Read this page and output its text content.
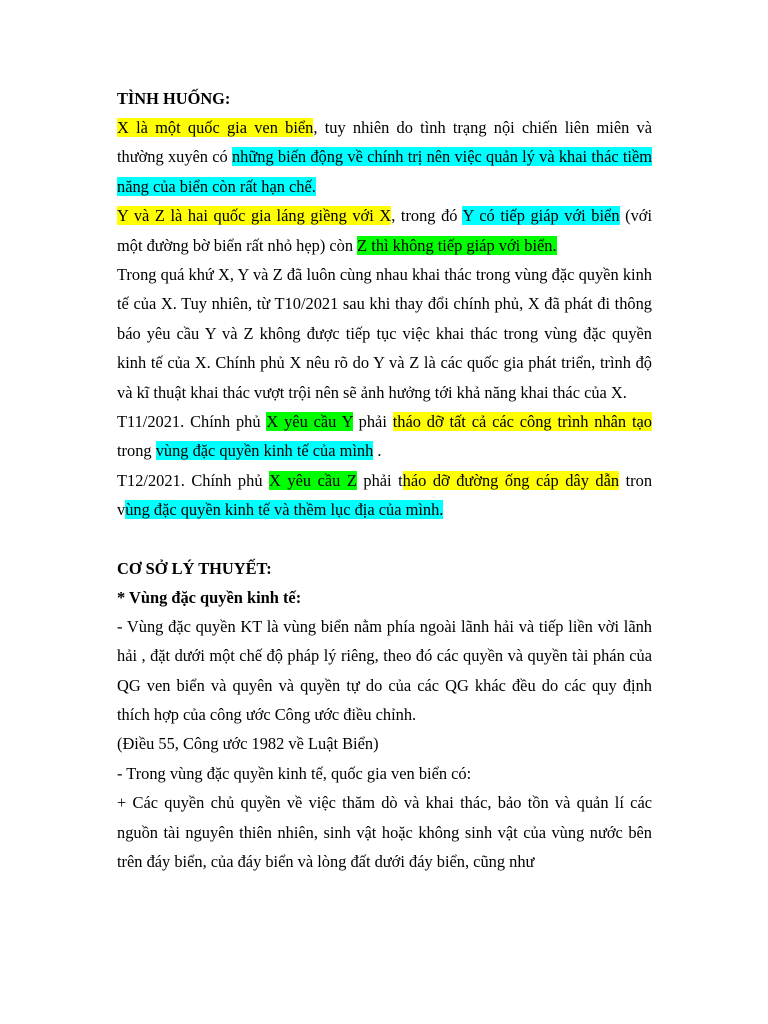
TÌNH HUỐNG:

X là một quốc gia ven biển, tuy nhiên do tình trạng nội chiến liên miên và thường xuyên có những biến động về chính trị nên việc quản lý và khai thác tiềm năng của biển còn rất hạn chế.

Y và Z là hai quốc gia láng giềng với X, trong đó Y có tiếp giáp với biển (với một đường bờ biển rất nhỏ hẹp) còn Z thì không tiếp giáp với biển.

Trong quá khứ X, Y và Z đã luôn cùng nhau khai thác trong vùng đặc quyền kinh tế của X. Tuy nhiên, từ T10/2021 sau khi thay đổi chính phủ, X đã phát đi thông báo yêu cầu Y và Z không được tiếp tục việc khai thác trong vùng đặc quyền kinh tế của X. Chính phủ X nêu rõ do Y và Z là các quốc gia phát triển, trình độ và kĩ thuật khai thác vượt trội nên sẽ ảnh hưởng tới khả năng khai thác của X.

T11/2021. Chính phủ X yêu cầu Y phải tháo dỡ tất cả các công trình nhân tạo trong vùng đặc quyền kinh tế của mình .

T12/2021. Chính phủ X yêu cầu Z phải tháo dỡ đường ống cáp dây dẫn tron vùng đặc quyền kinh tế và thềm lục địa của mình.

CƠ SỞ LÝ THUYẾT:

* Vùng đặc quyền kinh tế:

- Vùng đặc quyền KT là vùng biển nằm phía ngoài lãnh hải và tiếp liền vời lãnh hải , đặt dưới một chế độ pháp lý riêng, theo đó các quyền và quyền tài phán của QG ven biển và quyên và quyền tự do của các QG khác đều do các quy định thích hợp của công ước Công ước điều chỉnh.

(Điều 55, Công ước 1982 về Luật Biển)

- Trong vùng đặc quyền kinh tế, quốc gia ven biển có:

+ Các quyền chủ quyền về việc thăm dò và khai thác, bảo tồn và quản lí các nguồn tài nguyên thiên nhiên, sinh vật hoặc không sinh vật của vùng nước bên trên đáy biển, của đáy biển và lòng đất dưới đáy biển, cũng như
